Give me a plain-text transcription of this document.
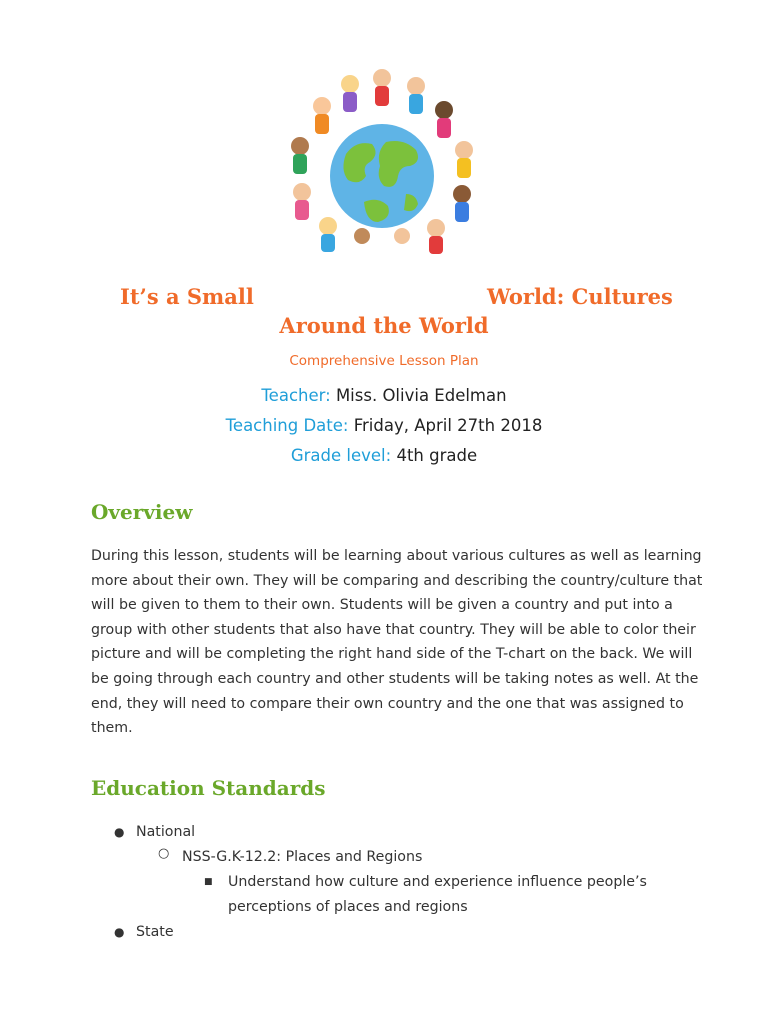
It’s a Small	World: Cultures
Around the World
Comprehensive Lesson Plan
Teacher: Miss. Olivia Edelman
Teaching Date: Friday, April 27th 2018
Grade level: 4th grade
Overview
During this lesson, students will be learning about various cultures as well as learning more about their own. They will be comparing and describing the country/culture that will be given to them to their own. Students will be given a country and put into a group with other students that also have that country. They will be able to color their picture and will be completing the right hand side of the T-chart on the back. We will be going through each country and other students will be taking notes as well. At the end, they will need to compare their own country and the one that was assigned to them.
Education Standards
● National
○ NSS-G.K-12.2: Places and Regions
■ Understand how culture and experience influence people’s perceptions of places and regions
● State
